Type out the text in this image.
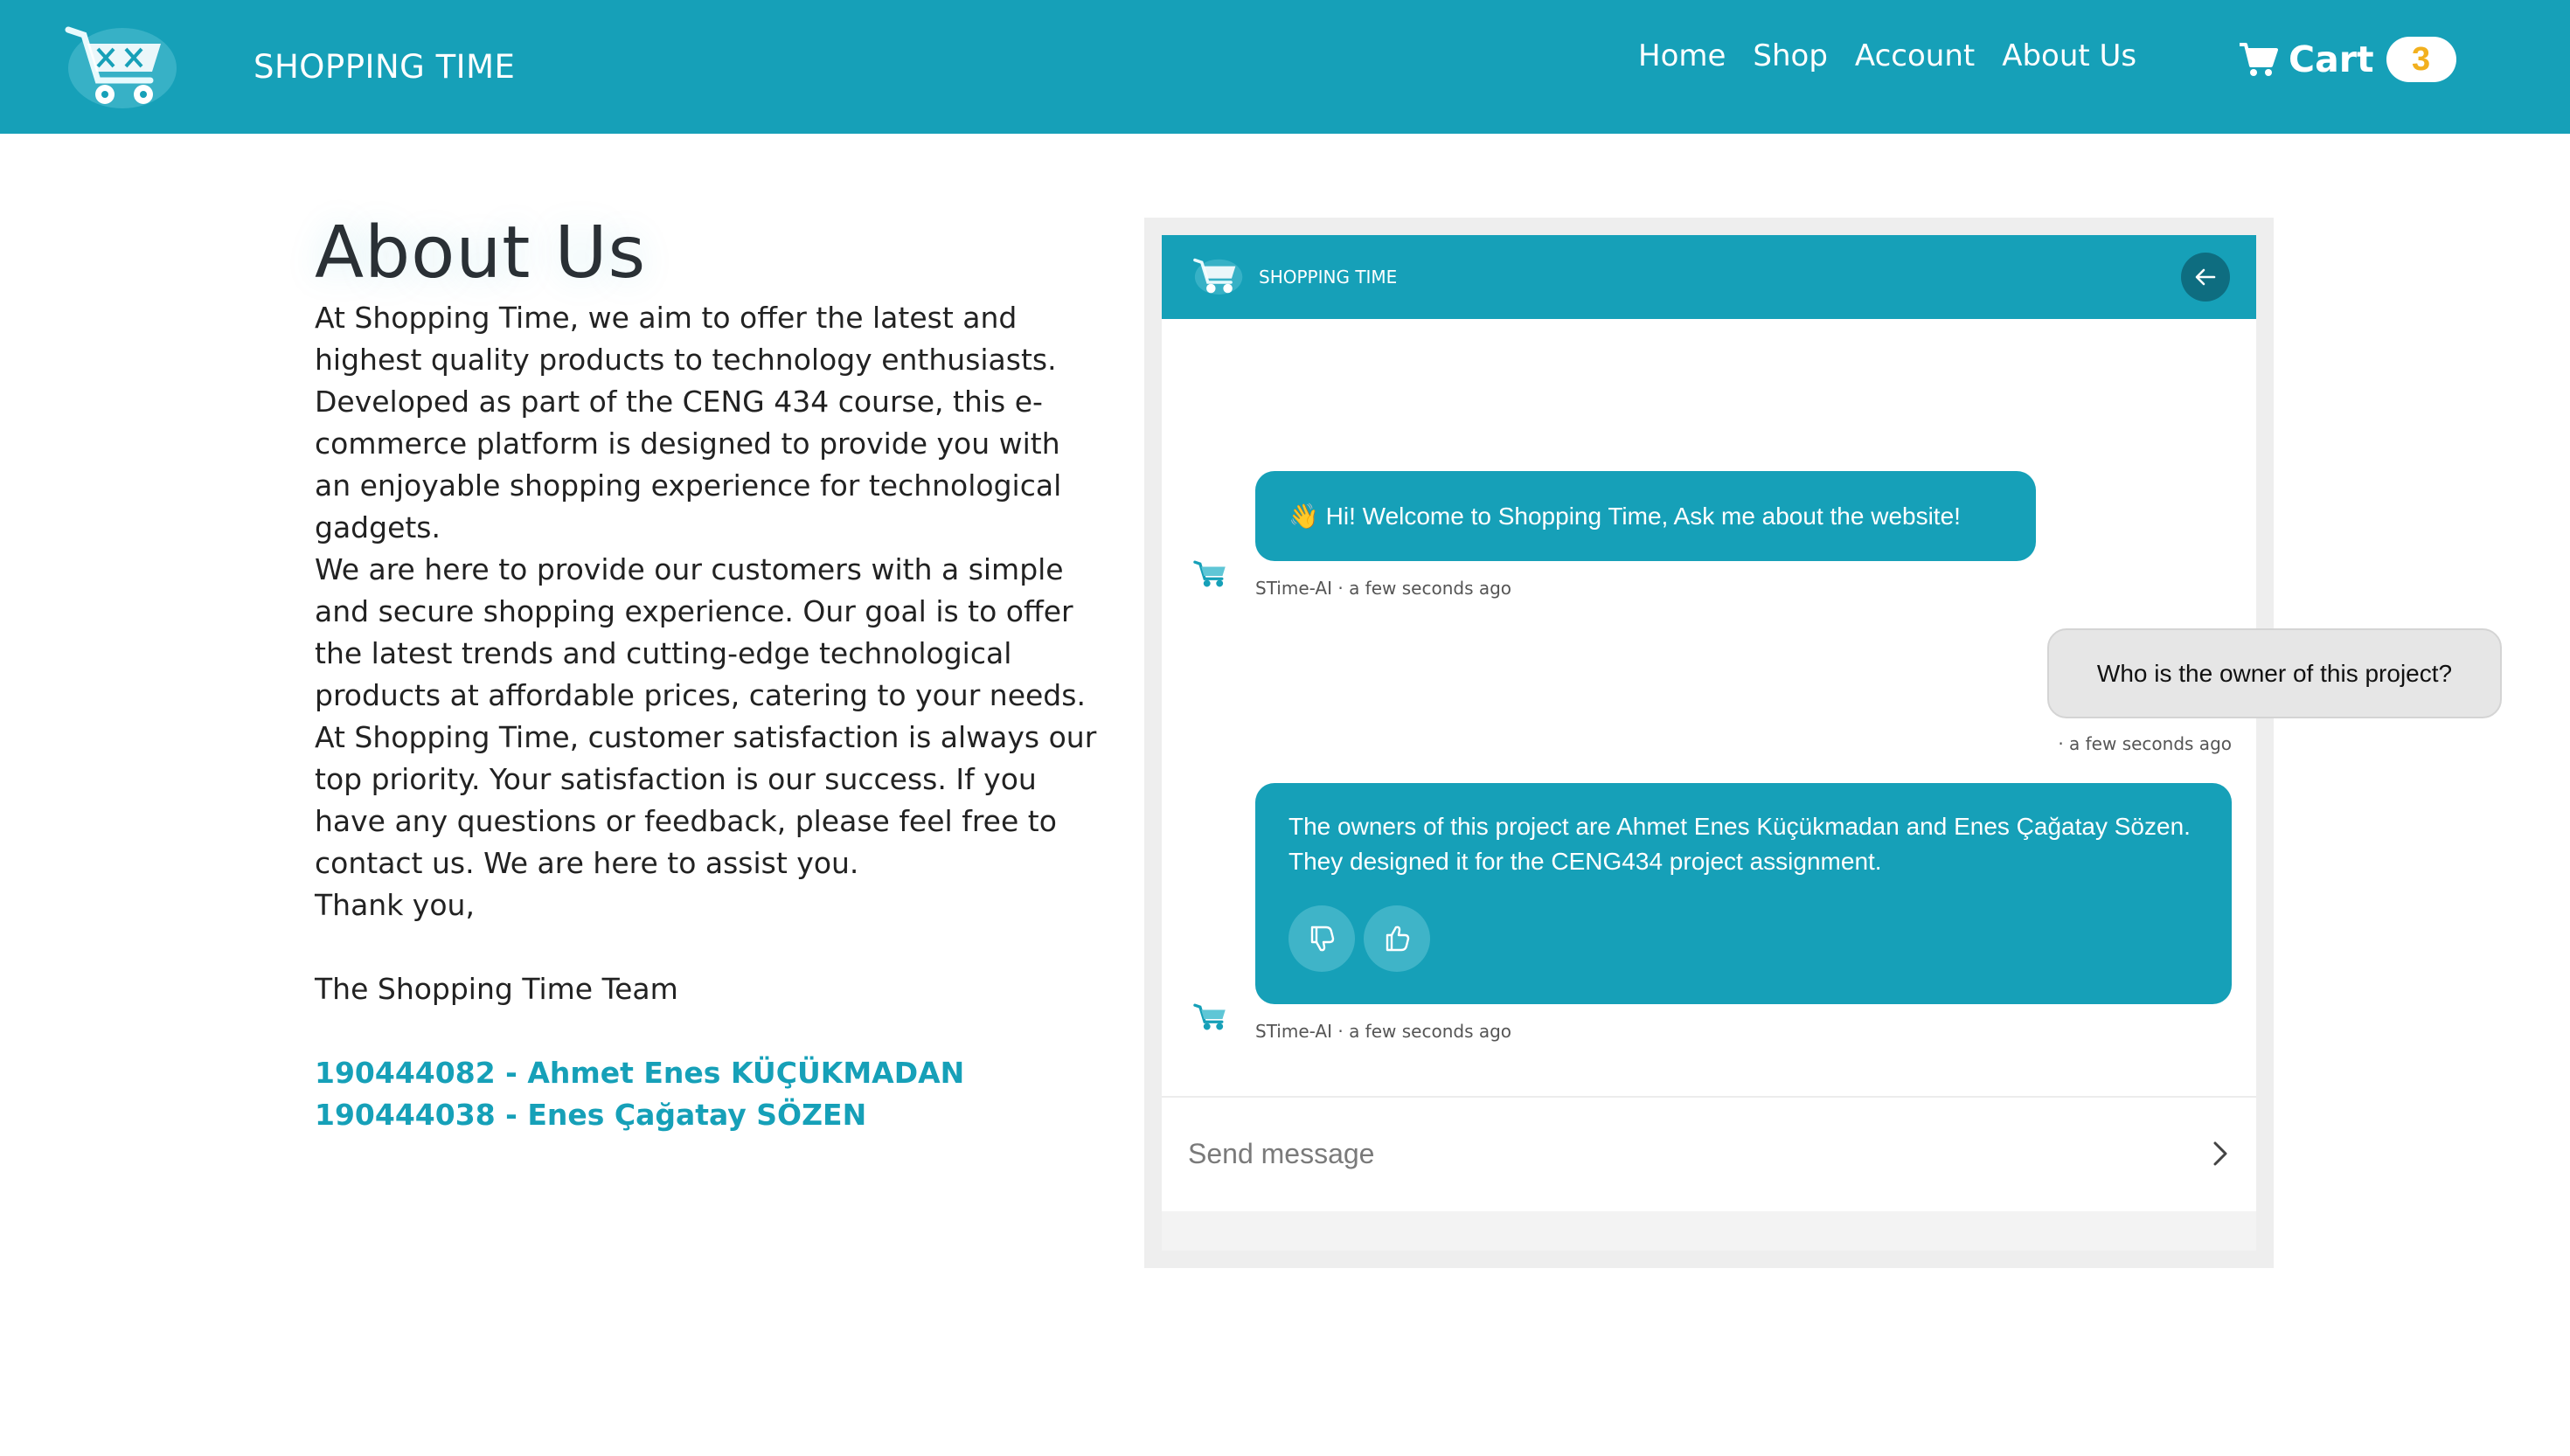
SHOPPING TIME	Home Shop Account About Us	Cart	3
About Us

At Shopping Time, we aim to offer the latest and highest quality products to technology enthusiasts. Developed as part of the CENG 434 course, this e-commerce platform is designed to provide you with an enjoyable shopping experience for technological gadgets.

We are here to provide our customers with a simple and secure shopping experience. Our goal is to offer the latest trends and cutting-edge technological products at affordable prices, catering to your needs.

At Shopping Time, customer satisfaction is always our top priority. Your satisfaction is our success. If you have any questions or feedback, please feel free to contact us. We are here to assist you.

Thank you,

The Shopping Time Team

190444082 - Ahmet Enes KÜÇÜKMADAN
190444038 - Enes Çağatay SÖZEN
SHOPPING TIME
👋 Hi! Welcome to Shopping Time, Ask me about the website!
STime-AI · a few seconds ago
Who is the owner of this project?
· a few seconds ago
The owners of this project are Ahmet Enes Küçükmadan and Enes Çağatay Sözen. They designed it for the CENG434 project assignment.
STime-AI · a few seconds ago
Send message
